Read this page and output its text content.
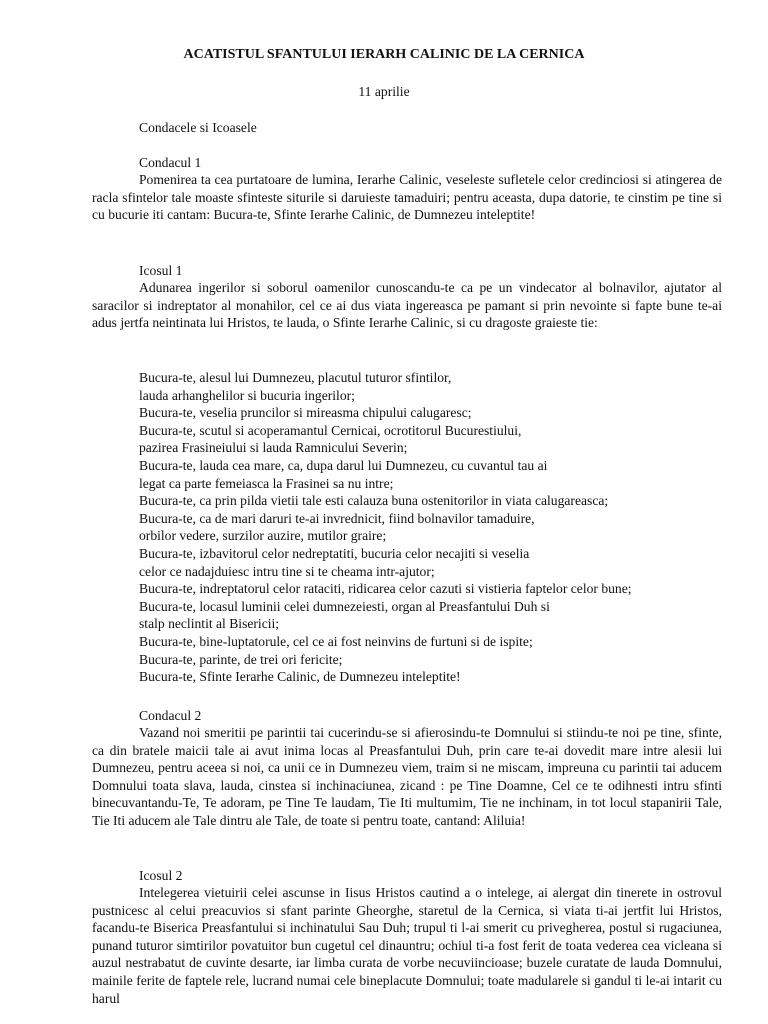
ACATISTUL SFANTULUI IERARH CALINIC DE LA CERNICA
11 aprilie
Condacele si Icoasele
Condacul 1

Pomenirea ta cea purtatoare de lumina, Ierarhe Calinic, veseleste sufletele celor credinciosi si atingerea de racla sfintelor tale moaste sfinteste siturile si daruieste tamaduiri; pentru aceasta, dupa datorie, te cinstim pe tine si cu bucurie iti cantam: Bucura-te, Sfinte Ierarhe Calinic, de Dumnezeu inteleptite!

Icosul 1

Adunarea ingerilor si soborul oamenilor cunoscandu-te ca pe un vindecator al bolnavilor, ajutator al saracilor si indreptator al monahilor, cel ce ai dus viata ingereasca pe pamant si prin nevointe si fapte bune te-ai adus jertfa neintinata lui Hristos, te lauda, o Sfinte Ierarhe Calinic, si cu dragoste graieste tie:

Bucura-te, alesul lui Dumnezeu, placutul tuturor sfintilor,
lauda arhanghelilor si bucuria ingerilor;
Bucura-te, veselia pruncilor si mireasma chipului calugaresc;
Bucura-te, scutul si acoperamantul Cernicai, ocrotitorul Bucurestiului,
pazirea Frasineiului si lauda Ramnicului Severin;
Bucura-te, lauda cea mare, ca, dupa darul lui Dumnezeu, cu cuvantul tau ai
legat ca parte femeiasca la Frasinei sa nu intre;
Bucura-te, ca prin pilda vietii tale esti calauza buna ostenitorilor in viata calugareasca;
Bucura-te, ca de mari daruri te-ai invrednicit, fiind bolnavilor tamaduire,
orbilor vedere, surzilor auzire, mutilor graire;
Bucura-te, izbavitorul celor nedreptatiti, bucuria celor necajiti si veselia
celor ce nadajduiesc intru tine si te cheama intr-ajutor;
Bucura-te, indreptatorul celor rataciti, ridicarea celor cazuti si vistieria faptelor celor bune;
Bucura-te, locasul luminii celei dumnezeiesti, organ al Preasfantului Duh si
stalp neclintit al Bisericii;
Bucura-te, bine-luptatorule, cel ce ai fost neinvins de furtuni si de ispite;
Bucura-te, parinte, de trei ori fericite;
Bucura-te, Sfinte Ierarhe Calinic, de Dumnezeu inteleptite!
Condacul 2

Vazand noi smeritii pe parintii tai cucerindu-se si afierosindu-te Domnului si stiindu-te noi pe tine, sfinte, ca din bratele maicii tale ai avut inima locas al Preasfantului Duh, prin care te-ai dovedit mare intre alesii lui Dumnezeu, pentru aceea si noi, ca unii ce in Dumnezeu viem, traim si ne miscam, impreuna cu parintii tai aducem Domnului toata slava, lauda, cinstea si inchinaciunea, zicand : pe Tine Doamne, Cel ce te odihnesti intru sfinti binecuvantandu-Te, Te adoram, pe Tine Te laudam, Tie Iti multumim, Tie ne inchinam, in tot locul stapanirii Tale, Tie Iti aducem ale Tale dintru ale Tale, de toate si pentru toate, cantand: Aliluia!

Icosul 2

Intelegerea vietuirii celei ascunse in Iisus Hristos cautind a o intelege, ai alergat din tinerete in ostrovul pustnicesc al celui preacuvios si sfant parinte Gheorghe, staretul de la Cernica, si viata ti-ai jertfit lui Hristos, facandu-te Biserica Preasfantului si inchinatului Sau Duh; trupul ti l-ai smerit cu privegherea, postul si rugaciunea, punand tuturor simtirilor povatuitor bun cugetul cel dinauntru; ochiul ti-a fost ferit de toata vederea cea vicleana si auzul nestrabatut de cuvinte desarte, iar limba curata de vorbe necuviincioase; buzele curatate de lauda Domnului, mainile ferite de faptele rele, lucrand numai cele bineplacute Domnului; toate madularele si gandul ti le-ai intarit cu harul
